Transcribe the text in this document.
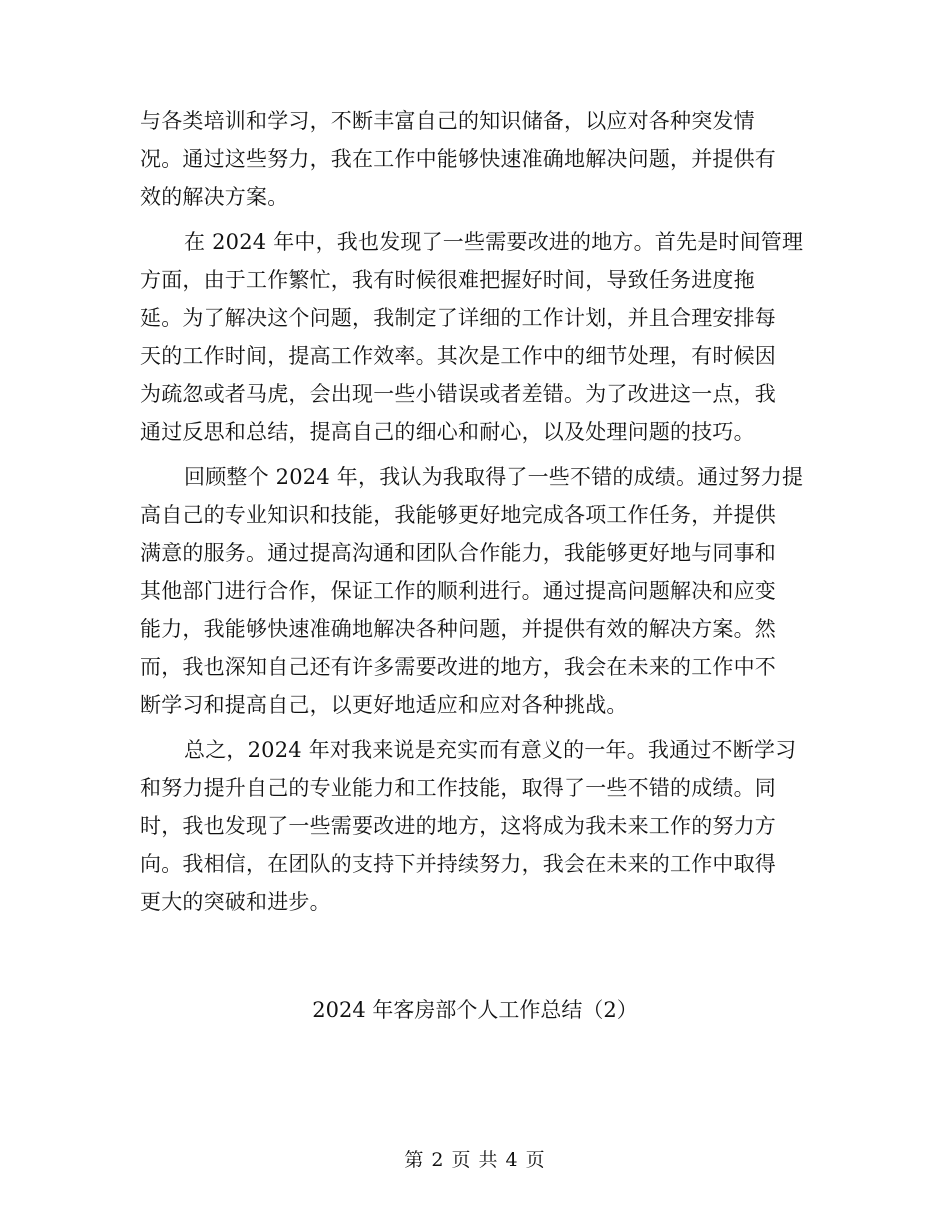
与各类培训和学习，不断丰富自己的知识储备，以应对各种突发情
况。通过这些努力，我在工作中能够快速准确地解决问题，并提供有
效的解决方案。
在 2024 年中，我也发现了一些需要改进的地方。首先是时间管理
方面，由于工作繁忙，我有时候很难把握好时间，导致任务进度拖
延。为了解决这个问题，我制定了详细的工作计划，并且合理安排每
天的工作时间，提高工作效率。其次是工作中的细节处理，有时候因
为疏忽或者马虎，会出现一些小错误或者差错。为了改进这一点，我
通过反思和总结，提高自己的细心和耐心，以及处理问题的技巧。
回顾整个 2024 年，我认为我取得了一些不错的成绩。通过努力提
高自己的专业知识和技能，我能够更好地完成各项工作任务，并提供
满意的服务。通过提高沟通和团队合作能力，我能够更好地与同事和
其他部门进行合作，保证工作的顺利进行。通过提高问题解决和应变
能力，我能够快速准确地解决各种问题，并提供有效的解决方案。然
而，我也深知自己还有许多需要改进的地方，我会在未来的工作中不
断学习和提高自己，以更好地适应和应对各种挑战。
总之，2024 年对我来说是充实而有意义的一年。我通过不断学习
和努力提升自己的专业能力和工作技能，取得了一些不错的成绩。同
时，我也发现了一些需要改进的地方，这将成为我未来工作的努力方
向。我相信，在团队的支持下并持续努力，我会在未来的工作中取得
更大的突破和进步。
2024 年客房部个人工作总结（2）
第 2 页 共 4 页
